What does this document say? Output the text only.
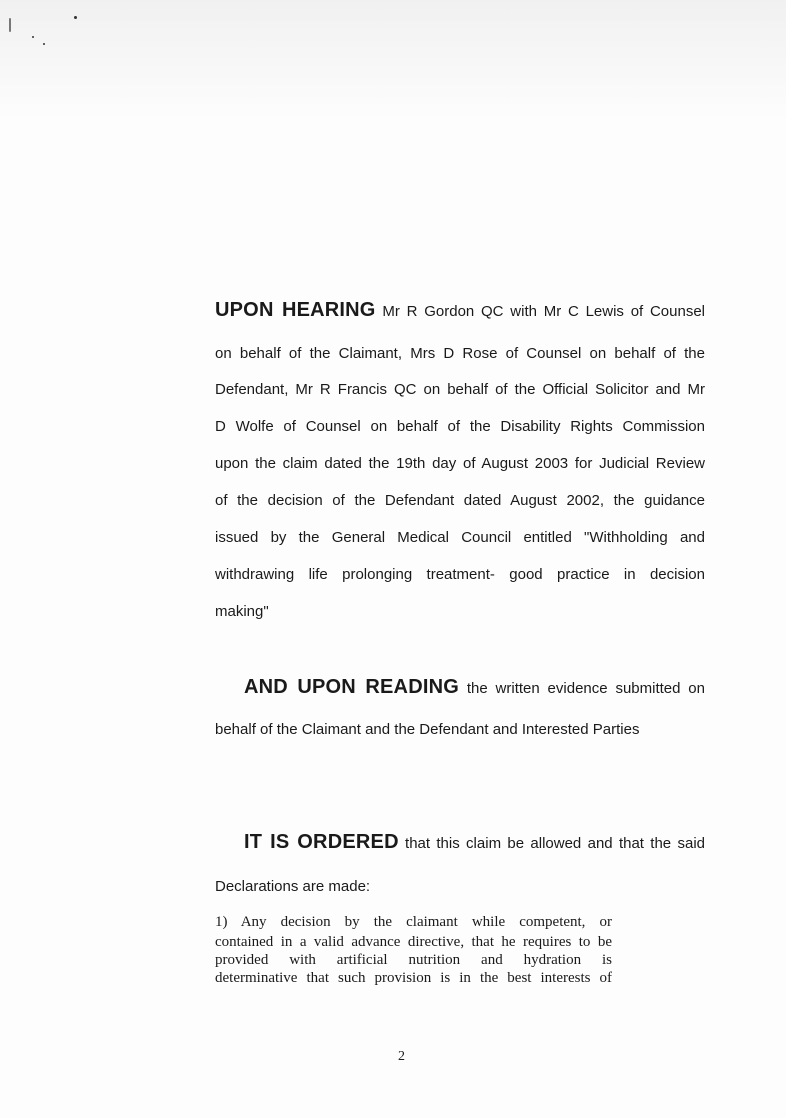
UPON HEARING Mr R Gordon QC with Mr C Lewis of Counsel
on behalf of the Claimant, Mrs D Rose of Counsel on behalf of the
Defendant, Mr R Francis QC on behalf of the Official Solicitor and Mr
D Wolfe of Counsel on behalf of the Disability Rights Commission
upon the claim dated the 19th day of August 2003 for Judicial Review
of the decision of the Defendant dated August 2002, the guidance
issued by the General Medical Council entitled "Withholding and
withdrawing life prolonging treatment- good practice in decision
making"
AND UPON READING the written evidence submitted on
behalf of the Claimant and the Defendant and Interested Parties
IT IS ORDERED that this claim be allowed and that the said
Declarations are made:
1) Any decision by the claimant while competent, or
contained in a valid advance directive, that he requires to be
provided with artificial nutrition and hydration is
determinative that such provision is in the best interests of
2
